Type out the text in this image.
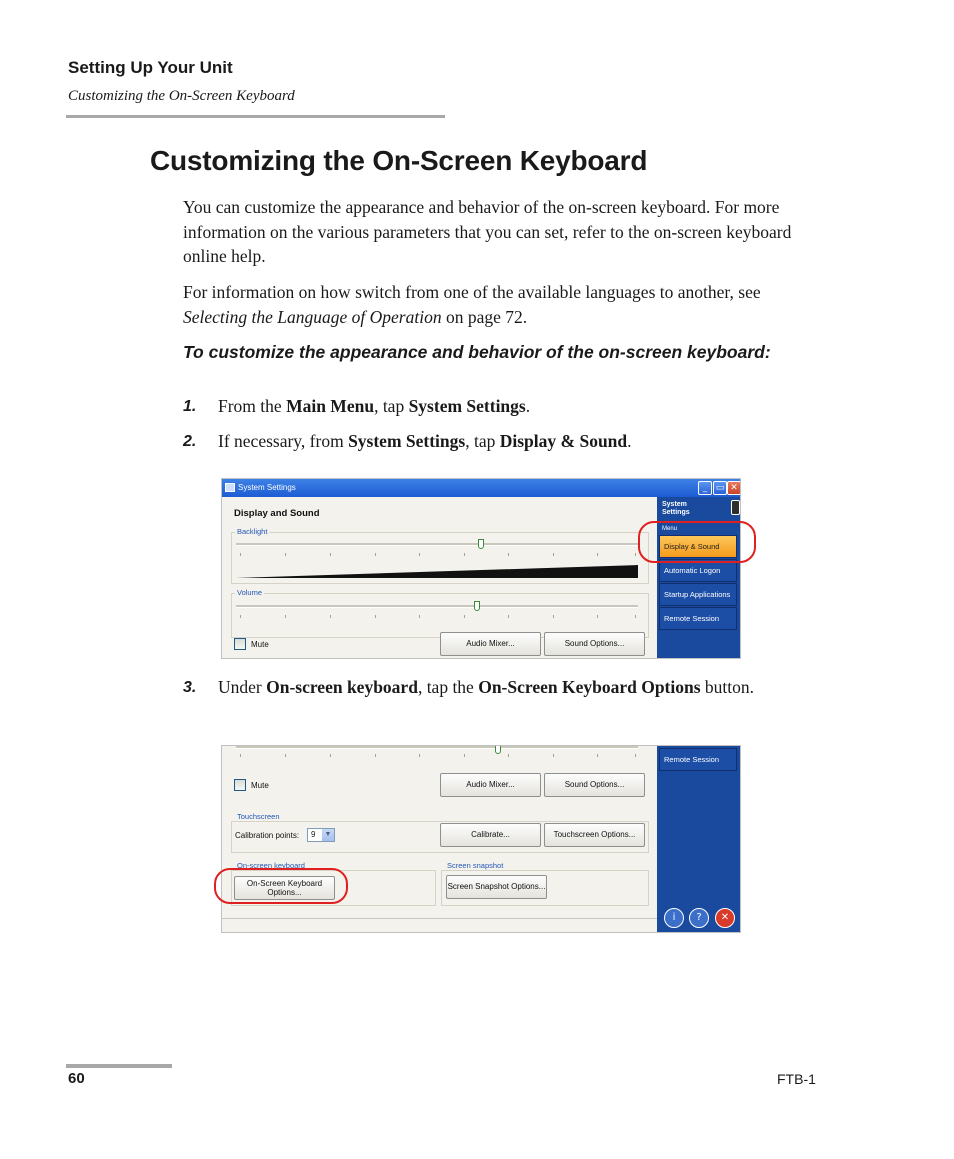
Setting Up Your Unit
Customizing the On-Screen Keyboard
Customizing the On-Screen Keyboard
You can customize the appearance and behavior of the on-screen keyboard. For more information on the various parameters that you can set, refer to the on-screen keyboard online help.
For information on how switch from one of the available languages to another, see Selecting the Language of Operation on page 72.
To customize the appearance and behavior of the on-screen keyboard:
1. From the Main Menu, tap System Settings.
2. If necessary, from System Settings, tap Display & Sound.
System Settings	_ ▭ ✕
Display and Sound
Backlight
Volume
Mute	Audio Mixer...	Sound Options...
System
Settings
Menu
Display & Sound
Automatic Logon
Startup Applications
Remote Session
3. Under On-screen keyboard, tap the On-Screen Keyboard Options button.
Mute	Audio Mixer...	Sound Options...
Touchscreen
Calibration points:	9	▼	Calibrate...	Touchscreen Options...
On-screen keyboard
On-Screen Keyboard
Options...
Screen snapshot
Screen Snapshot Options...
Remote Session
i	?	✕
60	FTB-1
